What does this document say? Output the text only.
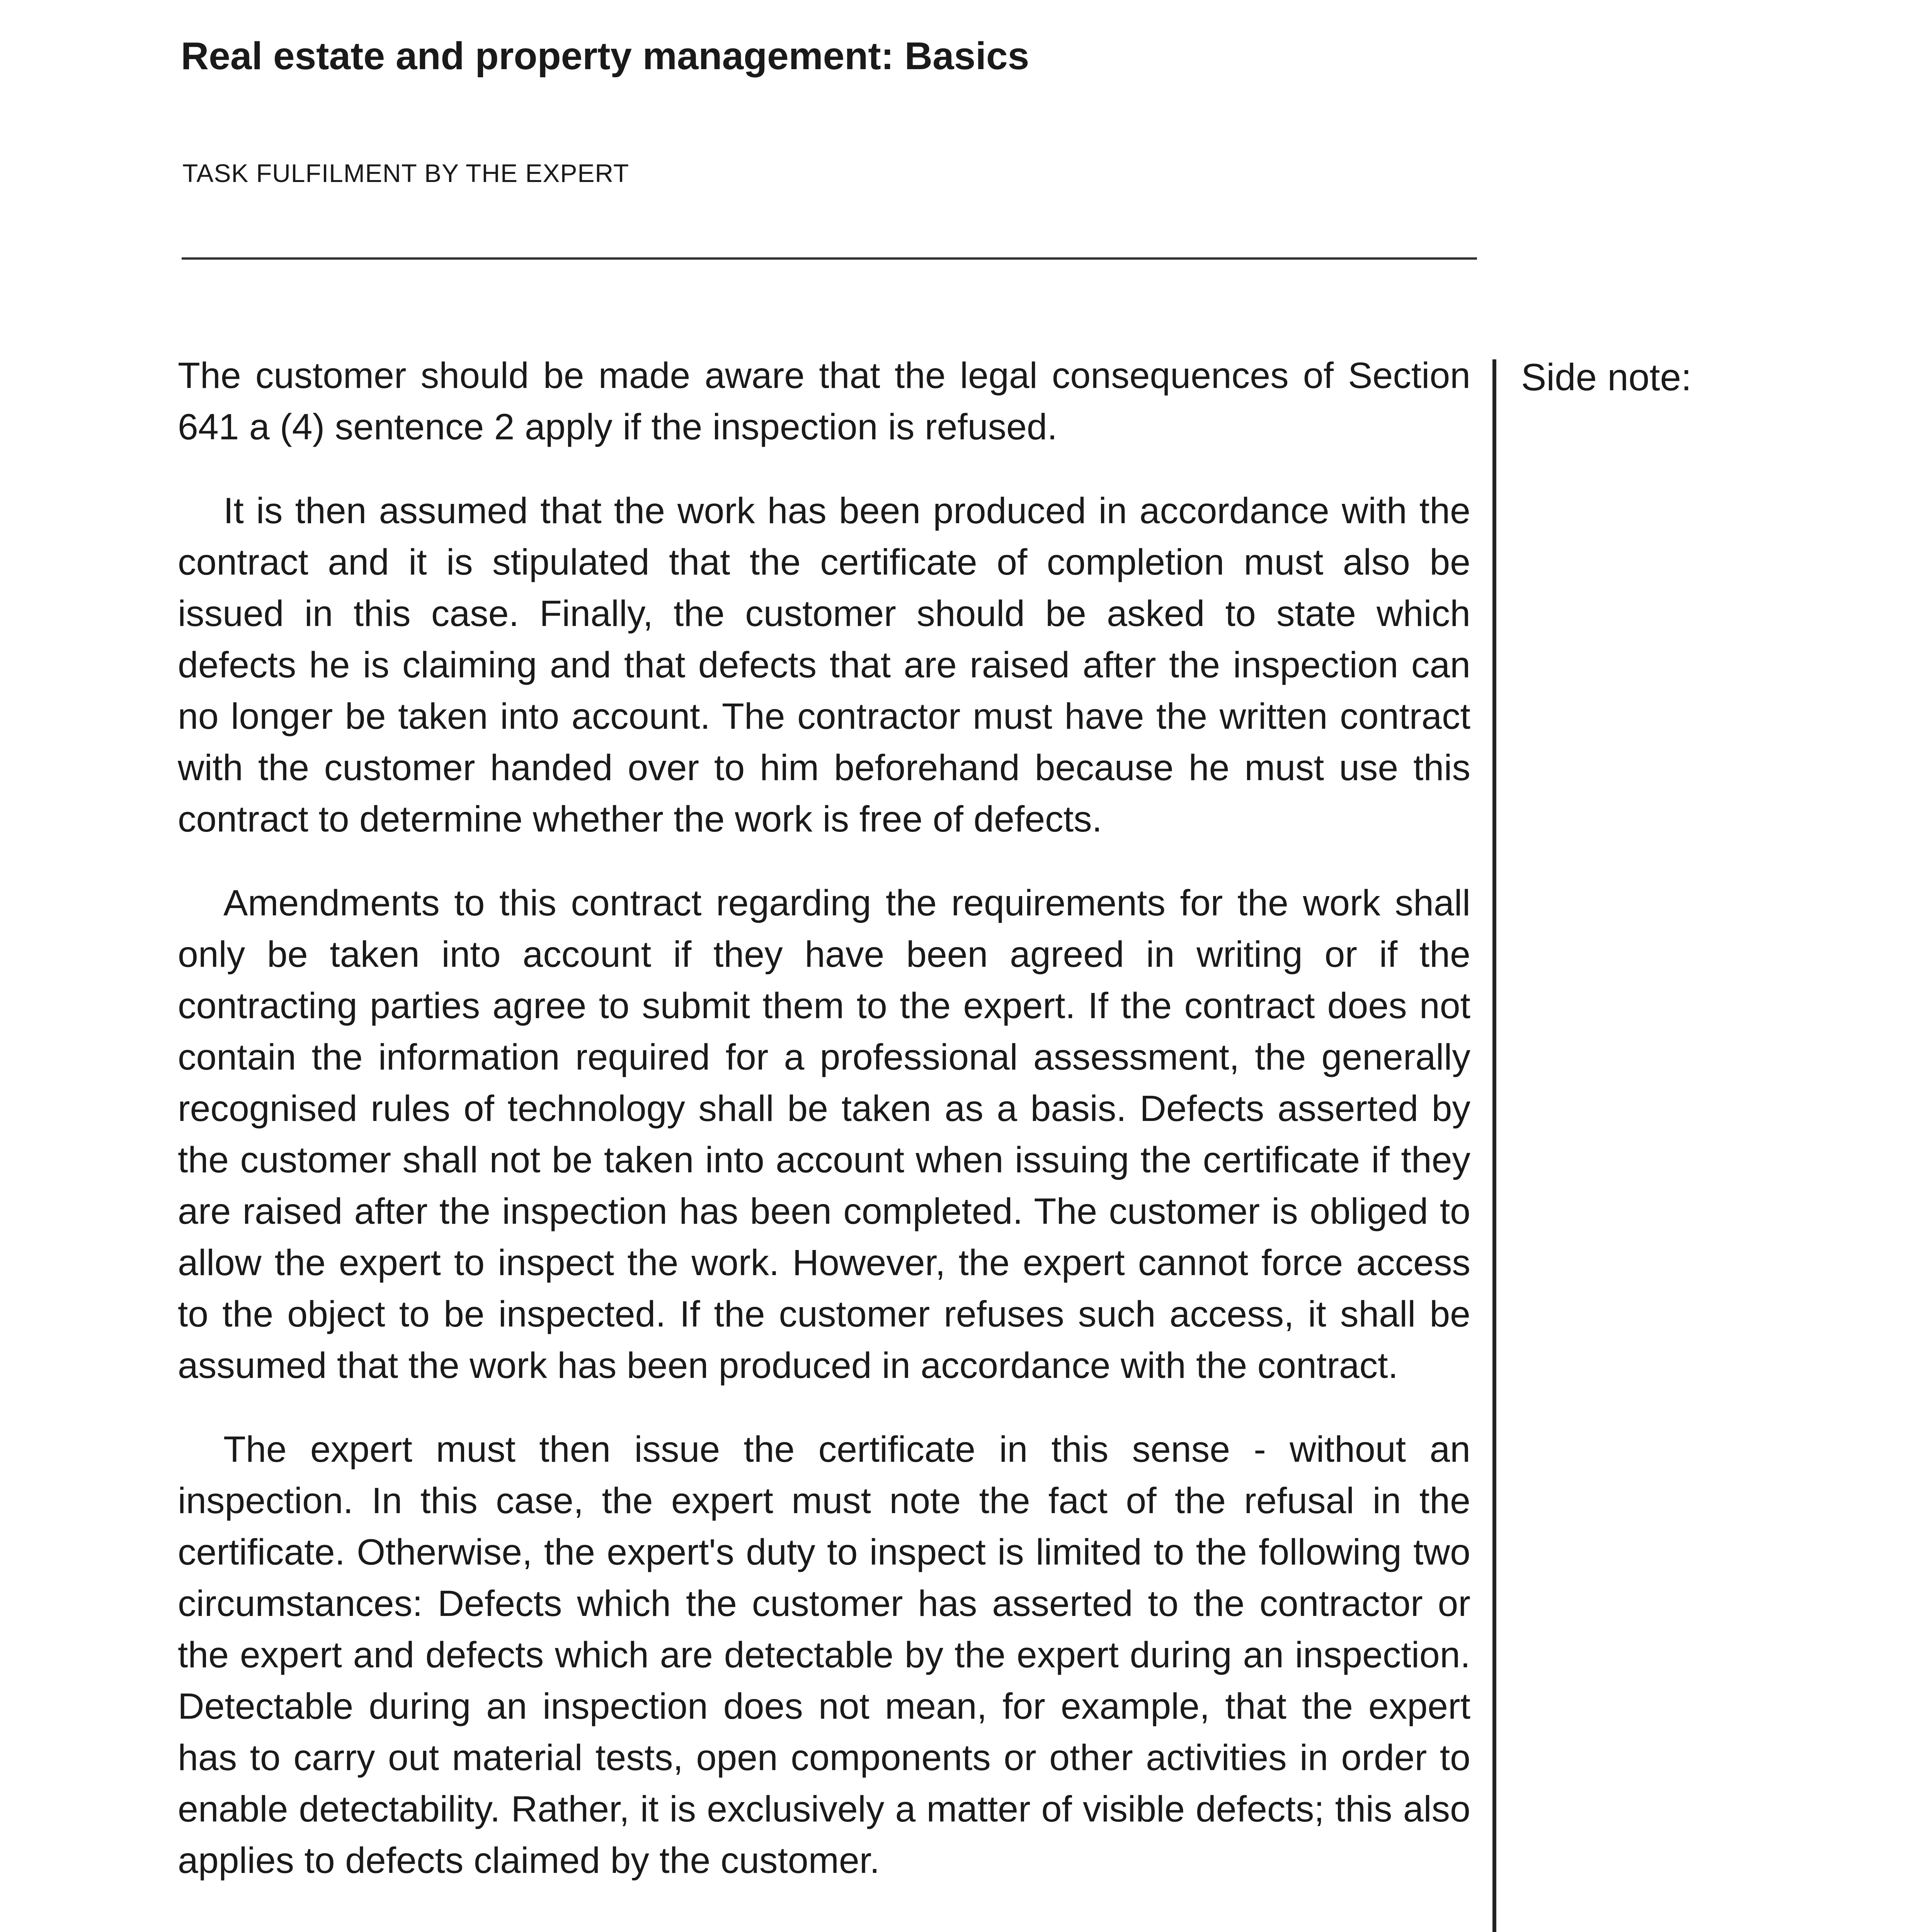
Real estate and property management: Basics
TASK FULFILMENT BY THE EXPERT

The customer should be made aware that the legal consequences of Section 641 a (4) sentence 2 apply if the inspection is refused.

It is then assumed that the work has been produced in accordance with the contract and it is stipulated that the certificate of completion must also be issued in this case. Finally, the customer should be asked to state which defects he is claiming and that defects that are raised after the inspection can no longer be taken into account. The contractor must have the written contract with the customer handed over to him beforehand because he must use this contract to determine whether the work is free of defects.

Amendments to this contract regarding the requirements for the work shall only be taken into account if they have been agreed in writing or if the contracting parties agree to submit them to the expert. If the contract does not contain the information required for a professional assessment, the generally recognised rules of technology shall be taken as a basis. Defects asserted by the customer shall not be taken into account when issuing the certificate if they are raised after the inspection has been completed. The customer is obliged to allow the expert to inspect the work. However, the expert cannot force access to the object to be inspected. If the customer refuses such access, it shall be assumed that the work has been produced in accordance with the contract.

The expert must then issue the certificate in this sense - without an inspection. In this case, the expert must note the fact of the refusal in the certificate. Otherwise, the expert's duty to inspect is limited to the following two circumstances: Defects which the customer has asserted to the contractor or the expert and defects which are detectable by the expert during an inspection. Detectable during an inspection does not mean, for example, that the expert has to carry out material tests, open components or other activities in order to enable detectability. Rather, it is exclusively a matter of visible defects; this also applies to defects claimed by the customer.

Side note:
